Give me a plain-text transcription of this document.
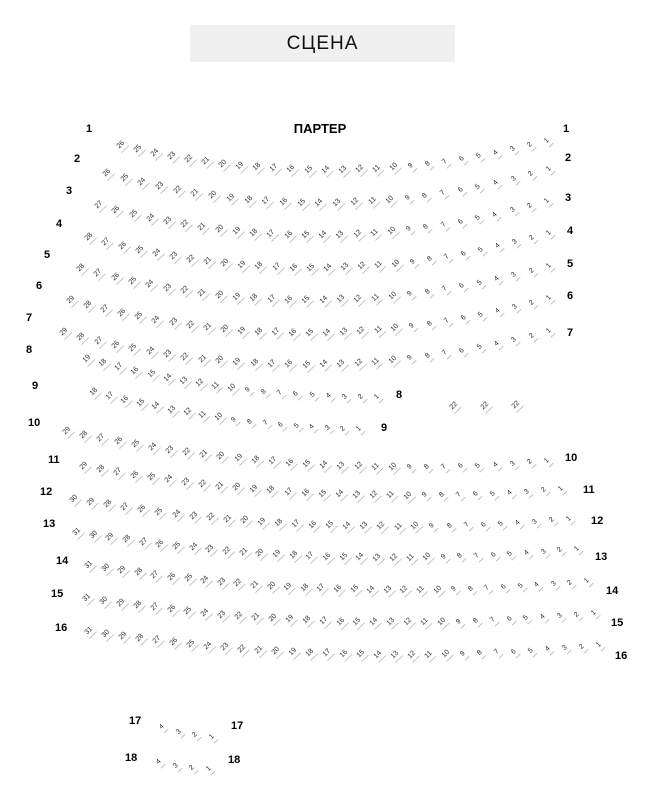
СЦЕНА
ПАРТЕР
1	1
26 25 24 23 22 21 20 19 18 17 16 15 14 13 12 11 10	9	8	7	6	5	4	3
2
1
2	2
26	25	24	23	22	21	20	19	18	17	16	15	14	13	12	11	10	9	8	7	6	5	4
3
2
1
3
3
27 26 25 24 23 22 21 20 19 18 17 16 15 14 13 12 11 10	9	8	7	6	5	4
3
2
1
4
4
28 27 26 25 24 23 22 21 20 19 18 17 16 15 14 13 12 11 10	9	8	7	6	5	4
3
2
1
5
5
28 27 26 25 24 23 22 21 20 19 18 17 16 15 14 13 12	11	10	9	8	7	6	5	4
3
2
1
6
6
29 28 27 26 25 24 23 22 21 20 19 18 17 16 15 14 13 12 11 10	9	8	7	6	5	4
3
2
1
7
7
29 28 27 26 25 24 23 22 21 20 19 18 17 16 15 14 13 12	11	10	9	8	7	6	5	4
3
2
1
8
8
19 18 17 16 15 14 13 12 11 10	9	8	7	6	5	4	3	2	1
9
9
18 17 16 15 14 13 12 11 10 9	8	7	6	5	4	3	2	1
10
10
29 28 27 26 25 24 23 22 21 20 19 18 17 16 15 14 13 12 11 10	9	8	7	6	5	4	3	2	1
11
11
29 28 27 26 25 24 23 22 21 20 19 18 17 16 15 14 13 12 11 10	9	8	7	6	5	4	3	2	1
12
12
30 29 28 27 26 25 24 23 22 21 20 19 18 17 16 15 14 13 12 11 10	9	8	7	6	5	4	3	2	1
13
13
31 30 29 28 27 26 25 24 23 22 21 20 19 18 17 16 15 14 13 12 11 10	9	8	7	6	5	4	3	2	1
14
14
31 30 29 28 27 26 25 24 23 22 21 20 19 18 17 16 15 14 13 12 11 10	9	8	7	6	5	4	3	2	1
15
15
31 30 29 28 27 26 25 24 23 22 21 20 19 18 17 16 15 14 13 12 11 10	9	8	7	6	5	4	3	2	1
16
16
31 30 29 28 27 26 25 24 23 22 21 20 19 18 17 16 15 14 13 12 11 10	9	8	7	6	5	4	3	2	1
17	17
4
3	2	1
18	18
4
3	2	1
22	22	22
